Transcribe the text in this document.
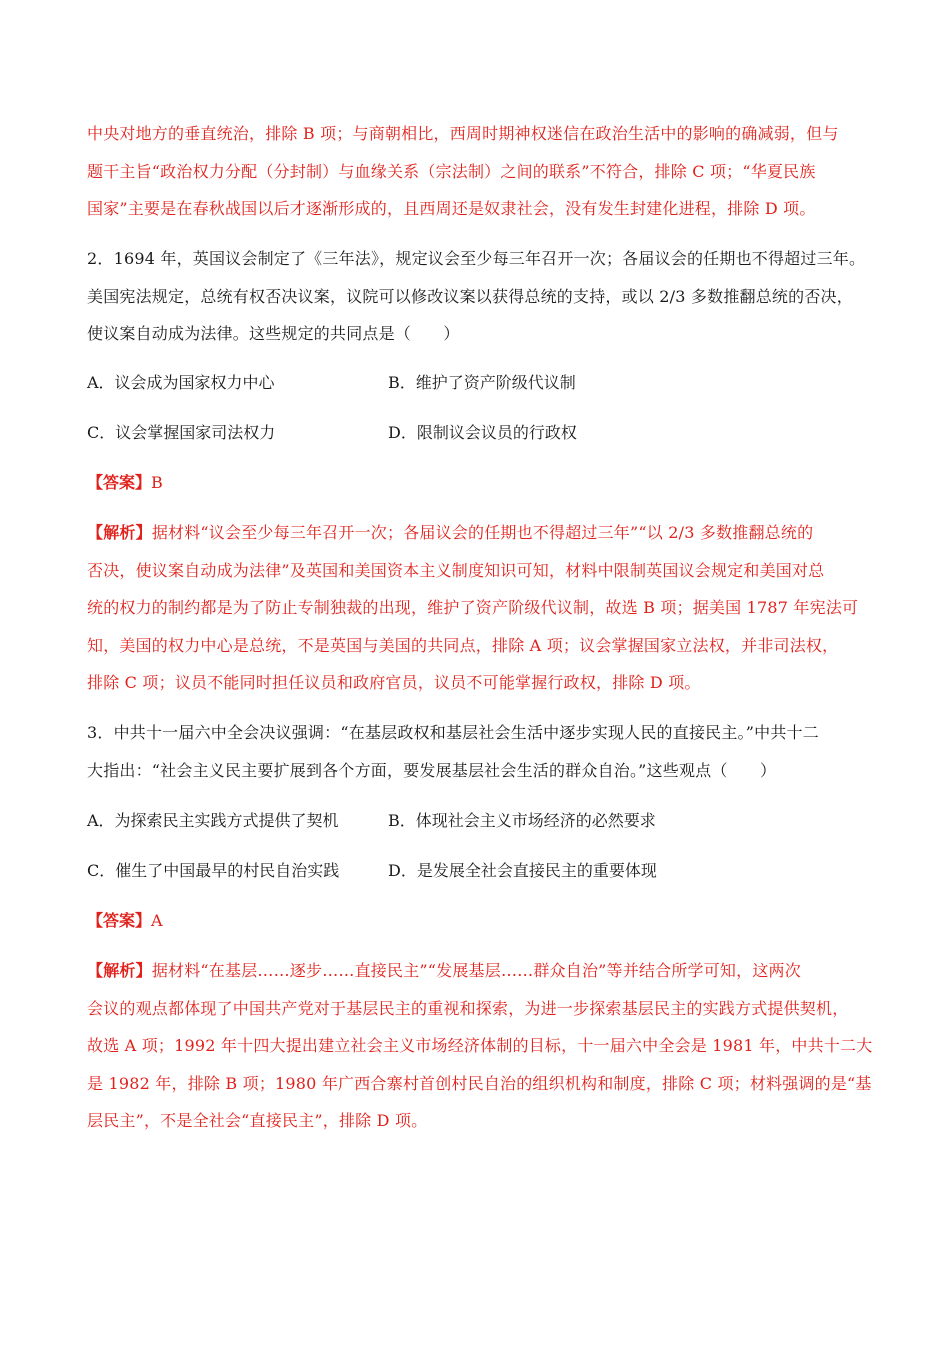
中央对地方的垂直统治，排除 B 项；与商朝相比，西周时期神权迷信在政治生活中的影响的确减弱，但与
题干主旨“政治权力分配（分封制）与血缘关系（宗法制）之间的联系”不符合，排除 C 项；“华夏民族
国家”主要是在春秋战国以后才逐渐形成的，且西周还是奴隶社会，没有发生封建化进程，排除 D 项。
2．1694 年，英国议会制定了《三年法》，规定议会至少每三年召开一次；各届议会的任期也不得超过三年。
美国宪法规定，总统有权否决议案，议院可以修改议案以获得总统的支持，或以 2/3 多数推翻总统的否决，
使议案自动成为法律。这些规定的共同点是（　　）
A．议会成为国家权力中心	B．维护了资产阶级代议制
C．议会掌握国家司法权力	D．限制议会议员的行政权
【答案】B
【解析】据材料“议会至少每三年召开一次；各届议会的任期也不得超过三年”“以 2/3 多数推翻总统的
否决，使议案自动成为法律”及英国和美国资本主义制度知识可知，材料中限制英国议会规定和美国对总
统的权力的制约都是为了防止专制独裁的出现，维护了资产阶级代议制，故选 B 项；据美国 1787 年宪法可
知，美国的权力中心是总统，不是英国与美国的共同点，排除 A 项；议会掌握国家立法权，并非司法权，
排除 C 项；议员不能同时担任议员和政府官员，议员不可能掌握行政权，排除 D 项。
3．中共十一届六中全会决议强调：“在基层政权和基层社会生活中逐步实现人民的直接民主。”中共十二
大指出：“社会主义民主要扩展到各个方面，要发展基层社会生活的群众自治。”这些观点（　　）
A．为探索民主实践方式提供了契机	B．体现社会主义市场经济的必然要求
C．催生了中国最早的村民自治实践	D．是发展全社会直接民主的重要体现
【答案】A
【解析】据材料“在基层……逐步……直接民主”“发展基层……群众自治”等并结合所学可知，这两次
会议的观点都体现了中国共产党对于基层民主的重视和探索，为进一步探索基层民主的实践方式提供契机，
故选 A 项；1992 年十四大提出建立社会主义市场经济体制的目标，十一届六中全会是 1981 年，中共十二大
是 1982 年，排除 B 项；1980 年广西合寨村首创村民自治的组织机构和制度，排除 C 项；材料强调的是“基
层民主”，不是全社会“直接民主”，排除 D 项。
